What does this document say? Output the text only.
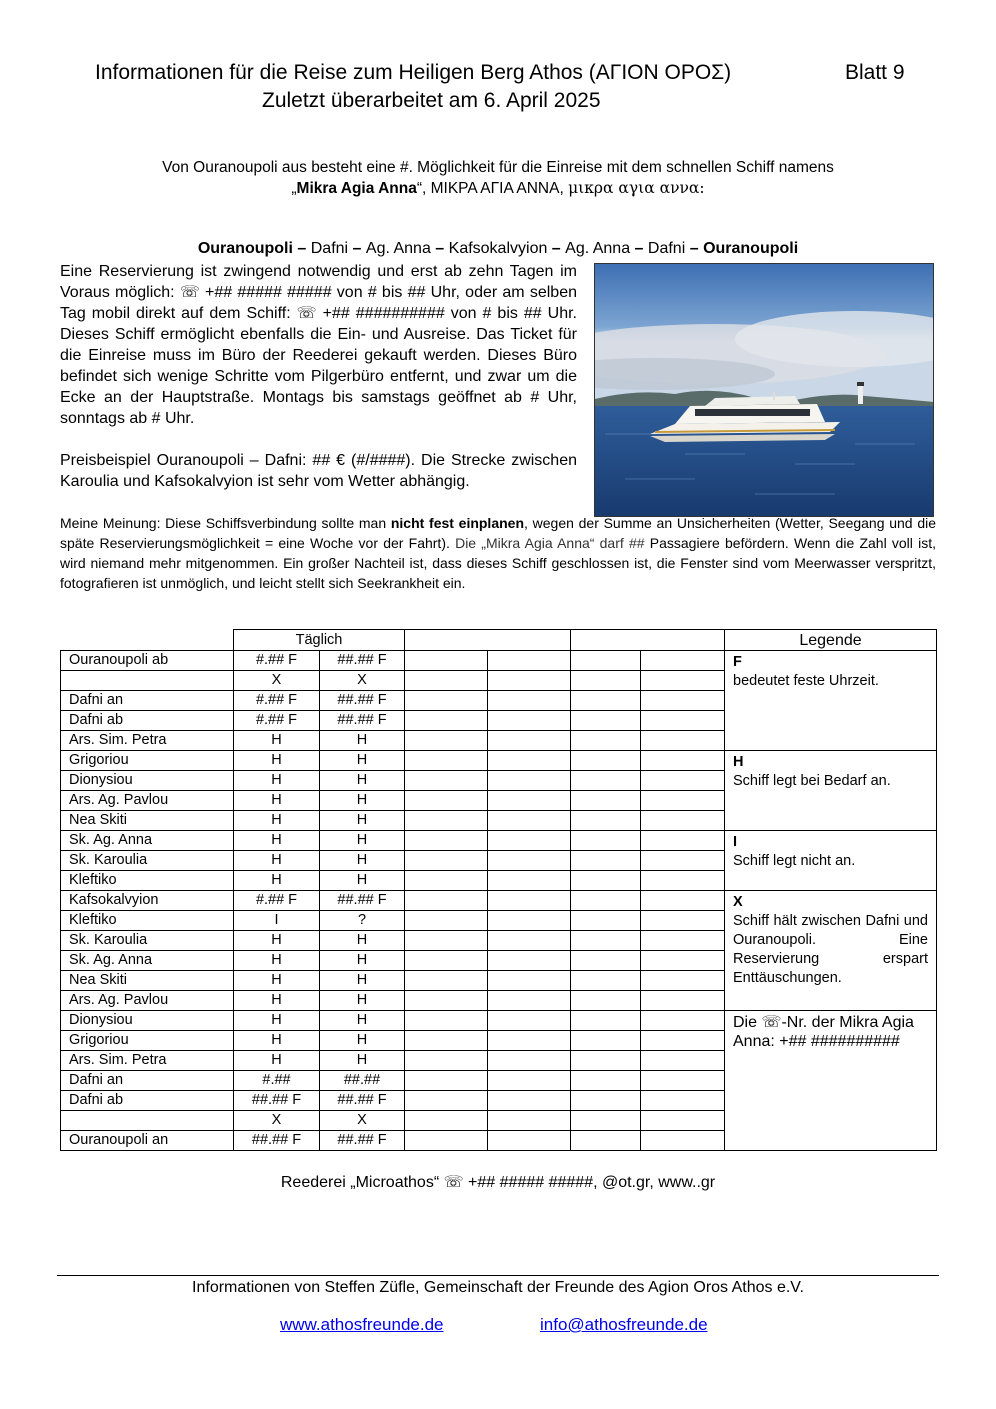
Informationen für die Reise zum Heiligen Berg Athos (ΑΓΙΟΝ ΟΡΟΣ)	Blatt 9
Zuletzt überarbeitet am 6. April 2025
Von Ouranoupoli aus besteht eine #. Möglichkeit für die Einreise mit dem schnellen Schiff namens
„Mikra Agia Anna“, ΜΙΚΡΑ ΑΓΙΑ ΑΝΝΑ, μικρα αγια αννα:
Ouranoupoli – Dafni – Ag. Anna – Kafsokalvyion – Ag. Anna – Dafni – Ouranoupoli
Eine Reservierung ist zwingend notwendig und erst ab zehn Tagen im Voraus möglich: ☏ +## ##### ##### von # bis ## Uhr, oder am selben Tag mobil direkt auf dem Schiff: ☏ +## ########## von # bis ## Uhr. Dieses Schiff ermöglicht ebenfalls die Ein- und Ausreise. Das Ticket für die Einreise muss im Büro der Reederei gekauft werden. Dieses Büro befindet sich wenige Schritte vom Pilgerbüro entfernt, und zwar um die Ecke an der Hauptstraße. Montags bis samstags geöffnet ab # Uhr, sonntags ab # Uhr.
Preisbeispiel Ouranoupoli – Dafni: ## € (#/####). Die Strecke zwischen Karoulia und Kafsokalvyion ist sehr vom Wetter abhängig.
Meine Meinung: Diese Schiffsverbindung sollte man nicht fest einplanen, wegen der Summe an Unsicherheiten (Wetter, Seegang und die späte Reservierungsmöglichkeit = eine Woche vor der Fahrt). Die „Mikra Agia Anna“ darf ## Passagiere befördern. Wenn die Zahl voll ist, wird niemand mehr mitgenommen. Ein großer Nachteil ist, dass dieses Schiff geschlossen ist, die Fenster sind vom Meerwasser verspritzt, fotografieren ist unmöglich, und leicht stellt sich Seekrankheit ein.
	Täglich						Legende
Ouranoupoli ab	#.## F	##.## F					F
bedeutet feste Uhrzeit.
	X	X					
Dafni an	#.## F	##.## F					
Dafni ab	#.## F	##.## F					
Ars. Sim. Petra	H	H					
Grigoriou	H	H					H
Schiff legt bei Bedarf an.
Dionysiou	H	H					
Ars. Ag. Pavlou	H	H					
Nea Skiti	H	H					
Sk. Ag. Anna	H	H					I
Schiff legt nicht an.
Sk. Karoulia	H	H					
Kleftiko	H	H					
Kafsokalvyion	#.## F	##.## F					X
Schiff hält zwischen Dafni und Ouranoupoli. Eine Reservierung erspart Enttäuschungen.
Kleftiko	I	?					
Sk. Karoulia	H	H					
Sk. Ag. Anna	H	H					
Nea Skiti	H	H					
Ars. Ag. Pavlou	H	H					
Dionysiou	H	H					Die ☏-Nr. der Mikra Agia Anna: +## ##########
Grigoriou	H	H					
Ars. Sim. Petra	H	H					
Dafni an	#.##	##.##					
Dafni ab	##.## F	##.## F					
	X	X					
Ouranoupoli an	##.## F	##.## F					
Reederei „Microathos“ ☏ +## ##### #####, @ot.gr, www..gr
Informationen von Steffen Züfle, Gemeinschaft der Freunde des Agion Oros Athos e.V.
www.athosfreunde.de	info@athosfreunde.de
